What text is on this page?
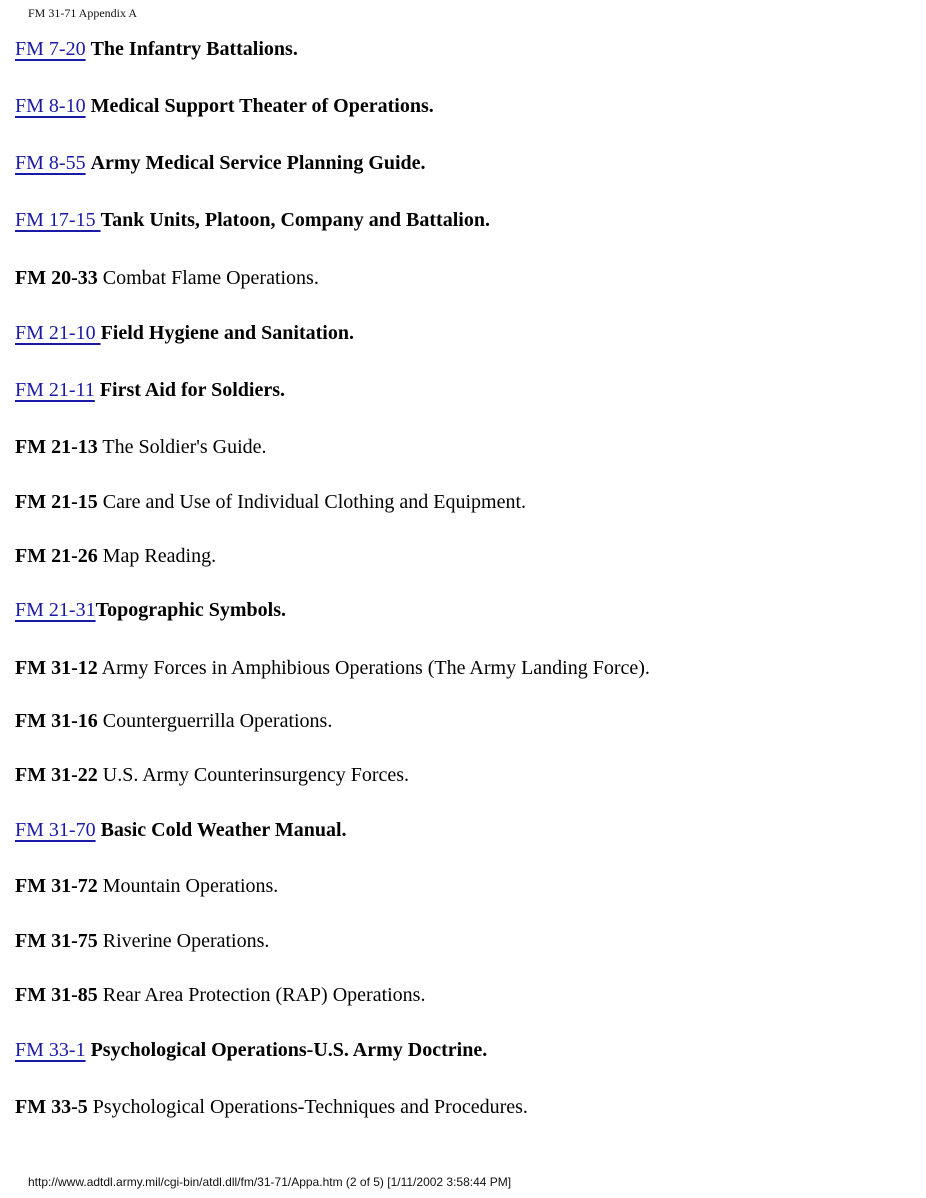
FM 31-71 Appendix A
FM 7-20 The Infantry Battalions.
FM 8-10 Medical Support Theater of Operations.
FM 8-55 Army Medical Service Planning Guide.
FM 17-15 Tank Units, Platoon, Company and Battalion.
FM 20-33 Combat Flame Operations.
FM 21-10 Field Hygiene and Sanitation.
FM 21-11 First Aid for Soldiers.
FM 21-13 The Soldier's Guide.
FM 21-15 Care and Use of Individual Clothing and Equipment.
FM 21-26 Map Reading.
FM 21-31Topographic Symbols.
FM 31-12 Army Forces in Amphibious Operations (The Army Landing Force).
FM 31-16 Counterguerrilla Operations.
FM 31-22 U.S. Army Counterinsurgency Forces.
FM 31-70 Basic Cold Weather Manual.
FM 31-72 Mountain Operations.
FM 31-75 Riverine Operations.
FM 31-85 Rear Area Protection (RAP) Operations.
FM 33-1 Psychological Operations-U.S. Army Doctrine.
FM 33-5 Psychological Operations-Techniques and Procedures.
http://www.adtdl.army.mil/cgi-bin/atdl.dll/fm/31-71/Appa.htm (2 of 5) [1/11/2002 3:58:44 PM]
